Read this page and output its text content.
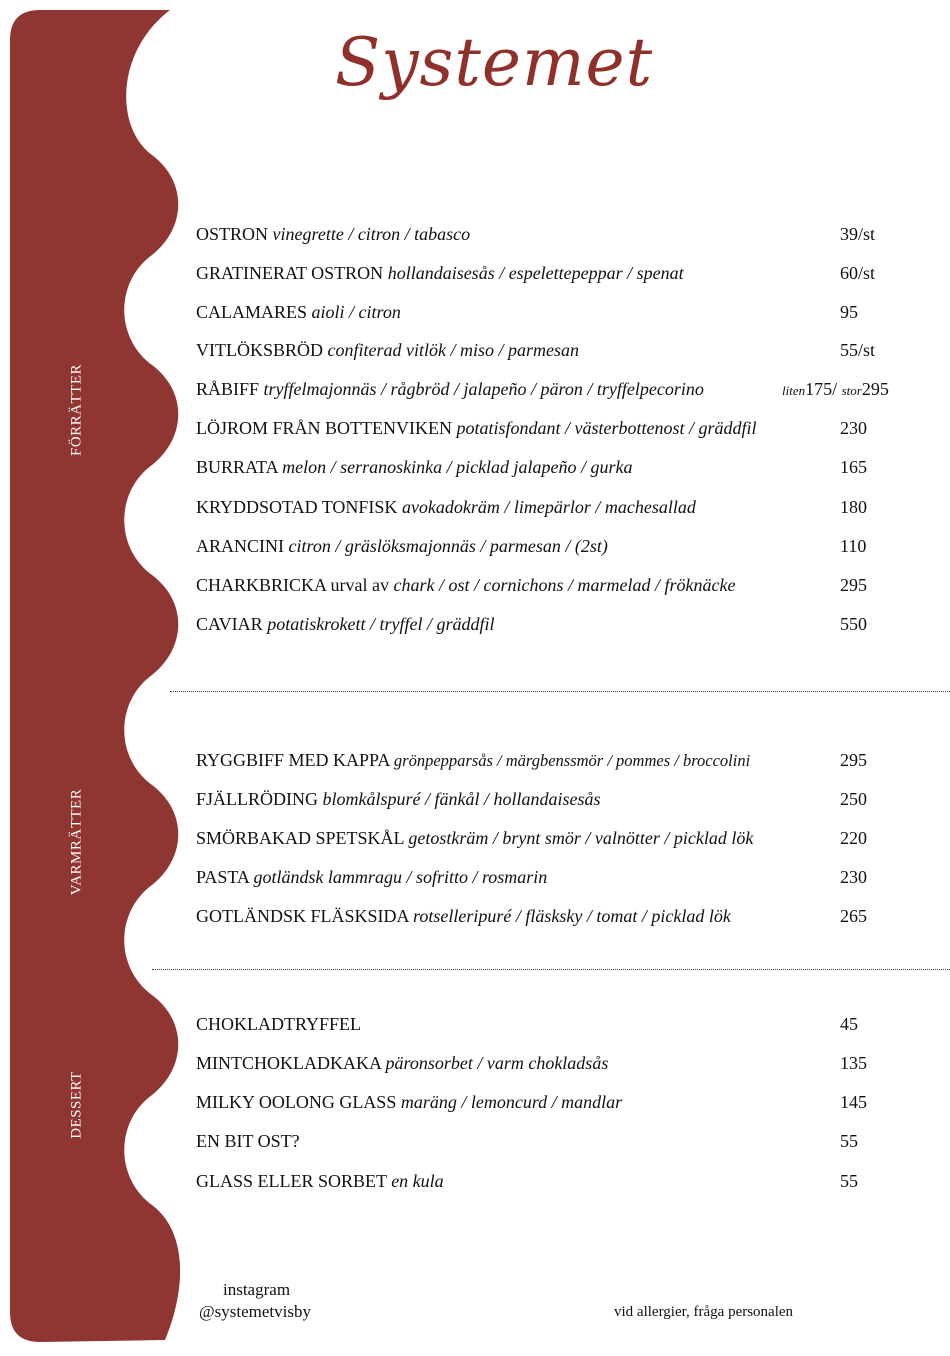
Systemet
FÖRRÄTTER
VARMRÄTTER
DESSERT
OSTRON vinegrette / citron / tabasco	39/st
GRATINERAT OSTRON hollandaisesås / espelettepeppar / spenat	60/st
CALAMARES aioli / citron	95
VITLÖKSBRÖD confiterad vitlök / miso / parmesan	55/st
RÅBIFF tryffelmajonnäs / rågbröd / jalapeño / päron / tryffelpecorino	liten175/ stor295
LÖJROM FRÅN BOTTENVIKEN potatisfondant / västerbottenost / gräddfil	230
BURRATA melon / serranoskinka / picklad jalapeño / gurka	165
KRYDDSOTAD TONFISK avokadokräm / limepärlor / machesallad	180
ARANCINI citron / gräslöksmajonnäs / parmesan / (2st)	110
CHARKBRICKA urval av chark / ost / cornichons / marmelad / fröknäcke	295
CAVIAR potatiskrokett / tryffel / gräddfil	550
RYGGBIFF MED KAPPA grönpepparsås / märgbenssmör / pommes / broccolini	295
FJÄLLRÖDING blomkålspuré / fänkål / hollandaisesås	250
SMÖRBAKAD SPETSKÅL getostkräm / brynt smör / valnötter / picklad lök	220
PASTA gotländsk lammragu / sofritto / rosmarin	230
GOTLÄNDSK FLÄSKSIDA rotselleripuré / fläsksky / tomat / picklad lök	265
CHOKLADTRYFFEL	45
MINTCHOKLADKAKA päronsorbet / varm chokladsås	135
MILKY OOLONG GLASS maräng / lemoncurd / mandlar	145
EN BIT OST?	55
GLASS ELLER SORBET en kula	55
instagram
@systemetvisby	vid allergier, fråga personalen
